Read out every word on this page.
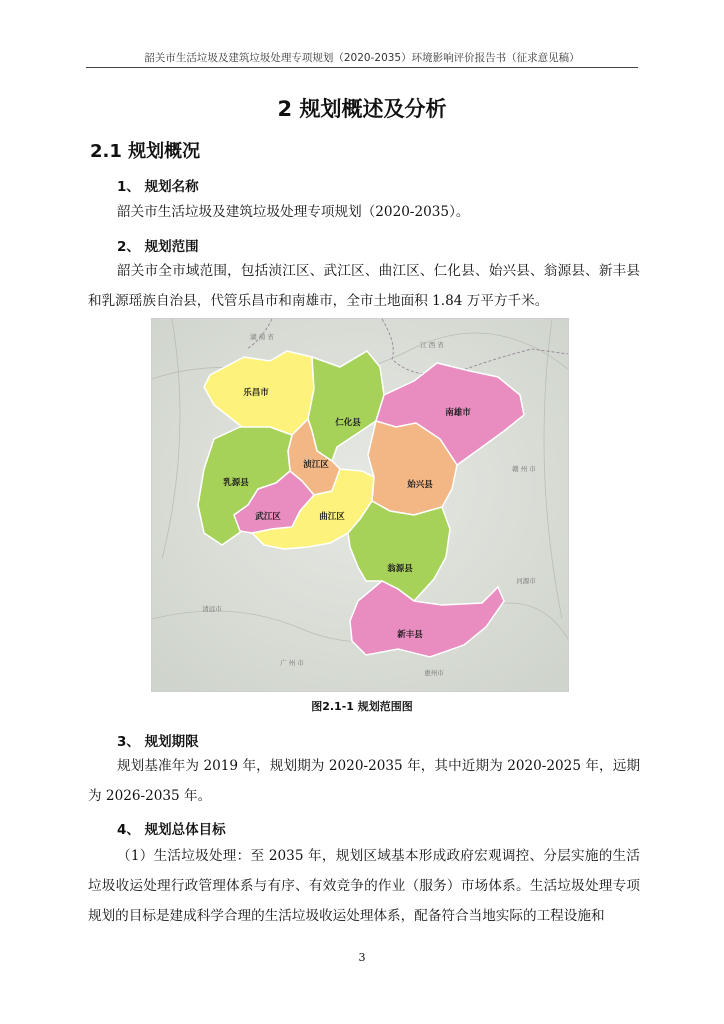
韶关市生活垃圾及建筑垃圾处理专项规划（2020-2035）环境影响评价报告书（征求意见稿）
2 规划概述及分析
2.1 规划概况
1、 规划名称

韶关市生活垃圾及建筑垃圾处理专项规划（2020-2035）。

2、 规划范围

韶关市全市域范围，包括浈江区、武江区、曲江区、仁化县、始兴县、翁源县、新丰县和乳源瑶族自治县，代管乐昌市和南雄市，全市土地面积 1.84 万平方千米。

乐昌市
仁化县
南雄市
浈江区
始兴县
乳源县
武江区	曲江区
翁源县
新丰县
湖 南 省
江 西 省
清远市
赣 州 市
河源市
广 州 市
惠州市
图2.1-1 规划范围图
3、 规划期限

规划基准年为 2019 年，规划期为 2020-2035 年，其中近期为 2020-2025 年，远期为 2026-2035 年。

4、 规划总体目标

（1）生活垃圾处理：至 2035 年，规划区域基本形成政府宏观调控、分层实施的生活垃圾收运处理行政管理体系与有序、有效竞争的作业（服务）市场体系。生活垃圾处理专项规划的目标是建成科学合理的生活垃圾收运处理体系，配备符合当地实际的工程设施和

3
